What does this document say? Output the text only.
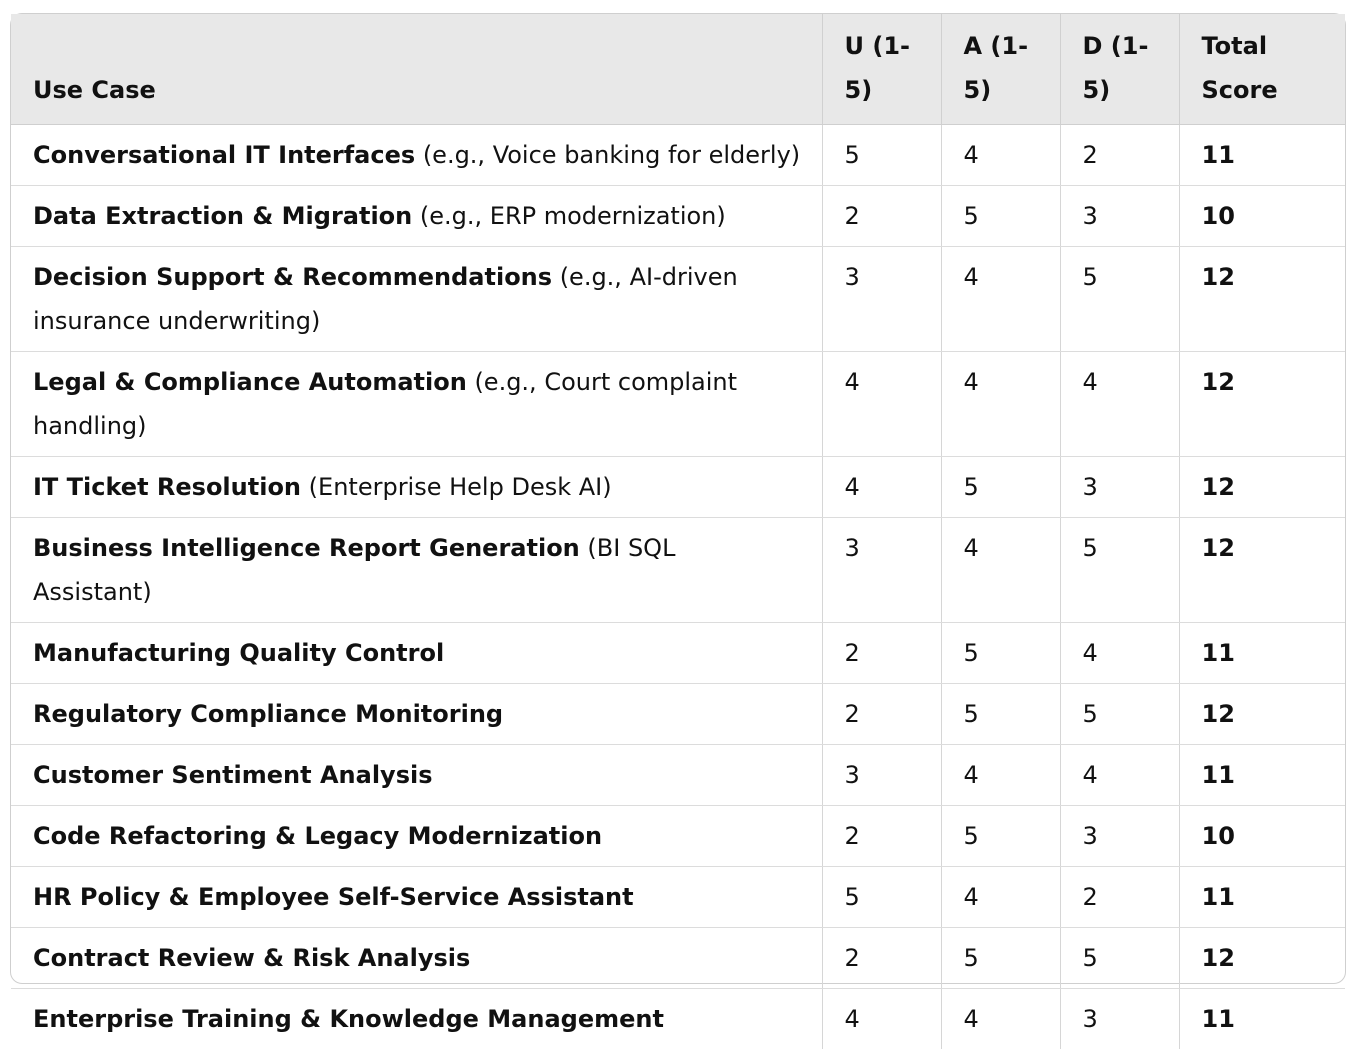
Use Case	U (1-5)	A (1-5)	D (1-5)	Total Score
Conversational IT Interfaces (e.g., Voice banking for elderly)	5	4	2	11
Data Extraction & Migration (e.g., ERP modernization)	2	5	3	10
Decision Support & Recommendations (e.g., AI-driven insurance underwriting)	3	4	5	12
Legal & Compliance Automation (e.g., Court complaint handling)	4	4	4	12
IT Ticket Resolution (Enterprise Help Desk AI)	4	5	3	12
Business Intelligence Report Generation (BI SQL Assistant)	3	4	5	12
Manufacturing Quality Control	2	5	4	11
Regulatory Compliance Monitoring	2	5	5	12
Customer Sentiment Analysis	3	4	4	11
Code Refactoring & Legacy Modernization	2	5	3	10
HR Policy & Employee Self-Service Assistant	5	4	2	11
Contract Review & Risk Analysis	2	5	5	12
Enterprise Training & Knowledge Management	4	4	3	11
